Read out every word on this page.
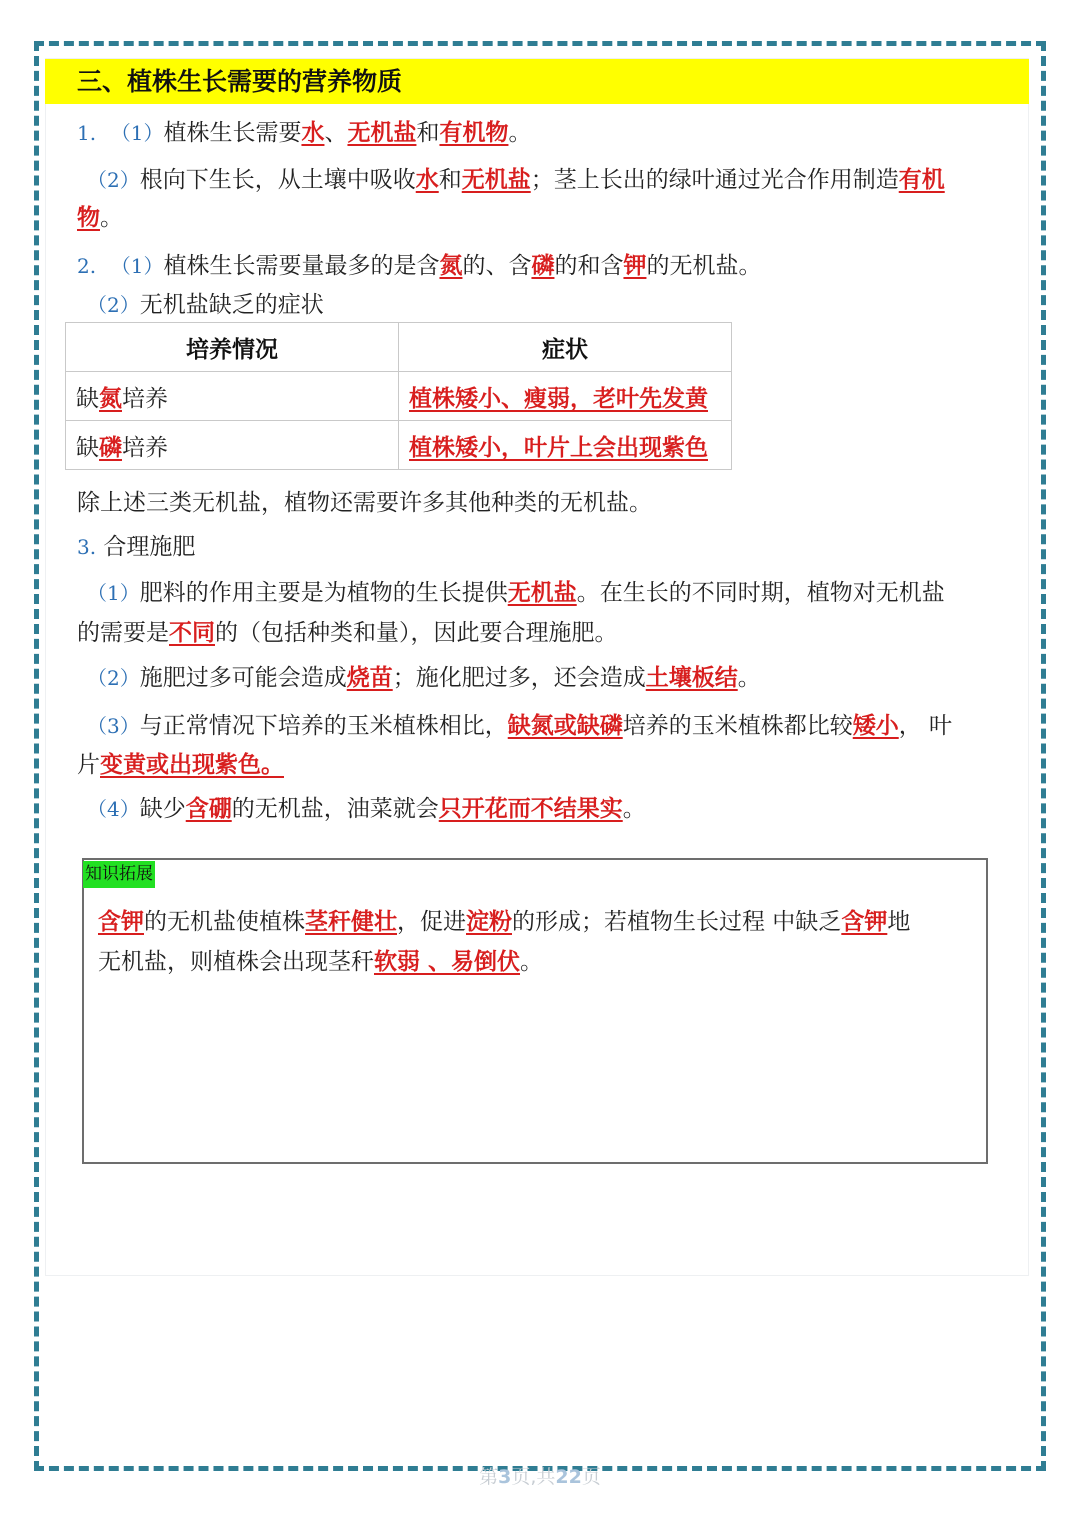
三、植株生长需要的营养物质
1. （1）植株生长需要水、无机盐和有机物。
（2）根向下生长，从土壤中吸收水和无机盐；茎上长出的绿叶通过光合作用制造有机
物。
2. （1）植株生长需要量最多的是含氮的、含磷的和含钾的无机盐。
（2）无机盐缺乏的症状
培养情况	症状
缺氮培养	植株矮小、瘦弱，老叶先发黄
缺磷培养	植株矮小，叶片上会出现紫色
除上述三类无机盐，植物还需要许多其他种类的无机盐。
3. 合理施肥
（1）肥料的作用主要是为植物的生长提供无机盐。在生长的不同时期，植物对无机盐
的需要是不同的（包括种类和量），因此要合理施肥。
（2）施肥过多可能会造成烧苗；施化肥过多，还会造成土壤板结。
（3）与正常情况下培养的玉米植株相比，缺氮或缺磷培养的玉米植株都比较矮小， 叶
片变黄或出现紫色。
（4）缺少含硼的无机盐，油菜就会只开花而不结果实。
知识拓展
含钾的无机盐使植株茎秆健壮，促进淀粉的形成；若植物生长过程 中缺乏含钾地
无机盐，则植株会出现茎秆软弱 、易倒伏。
第3页,共22页
